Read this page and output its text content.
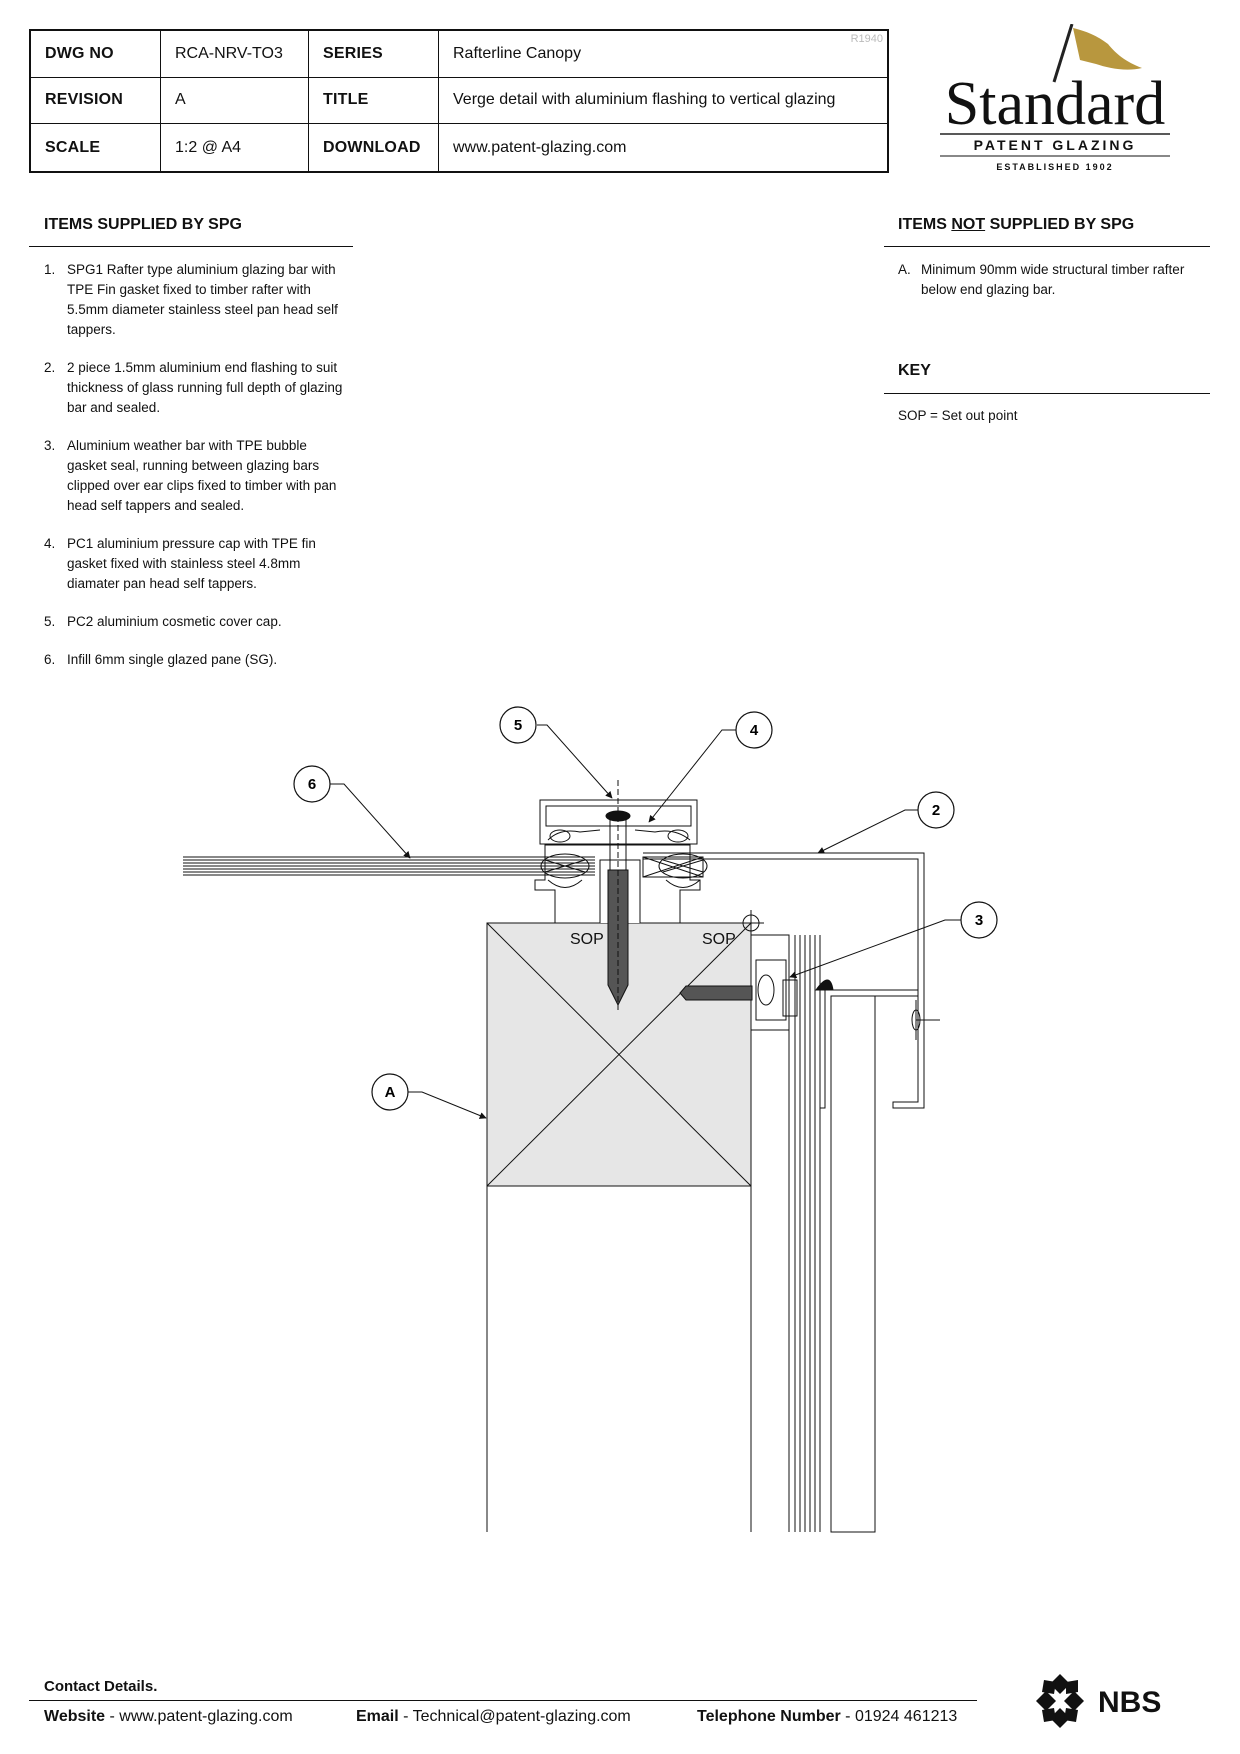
R1940
DWG NO	RCA-NRV-TO3	SERIES	Rafterline Canopy
REVISION	A	TITLE	Verge detail with aluminium flashing to vertical glazing
SCALE	1:2 @ A4	DOWNLOAD	www.patent-glazing.com
Standard
PATENT GLAZING
ESTABLISHED 1902
ITEMS SUPPLIED BY SPG
1. SPG1 Rafter type aluminium glazing bar with TPE Fin gasket fixed to timber rafter with 5.5mm diameter stainless steel pan head self tappers.
2. 2 piece 1.5mm aluminium end flashing to suit thickness of glass running full depth of glazing bar and sealed.
3. Aluminium weather bar with TPE bubble gasket seal, running between glazing bars clipped over ear clips fixed to timber with pan head self tappers and sealed.
4. PC1 aluminium pressure cap with TPE fin gasket fixed with stainless steel 4.8mm diamater pan head self tappers.
5. PC2 aluminium cosmetic cover cap.
6. Infill 6mm single glazed pane (SG).
ITEMS NOT SUPPLIED BY SPG
A. Minimum 90mm wide structural timber rafter below end glazing bar.
KEY
SOP = Set out point
SOP	SOP
5	4
6
2
3
A
Contact Details.
Website - www.patent-glazing.com	Email - Technical@patent-glazing.com	Telephone Number - 01924 461213	NBS
